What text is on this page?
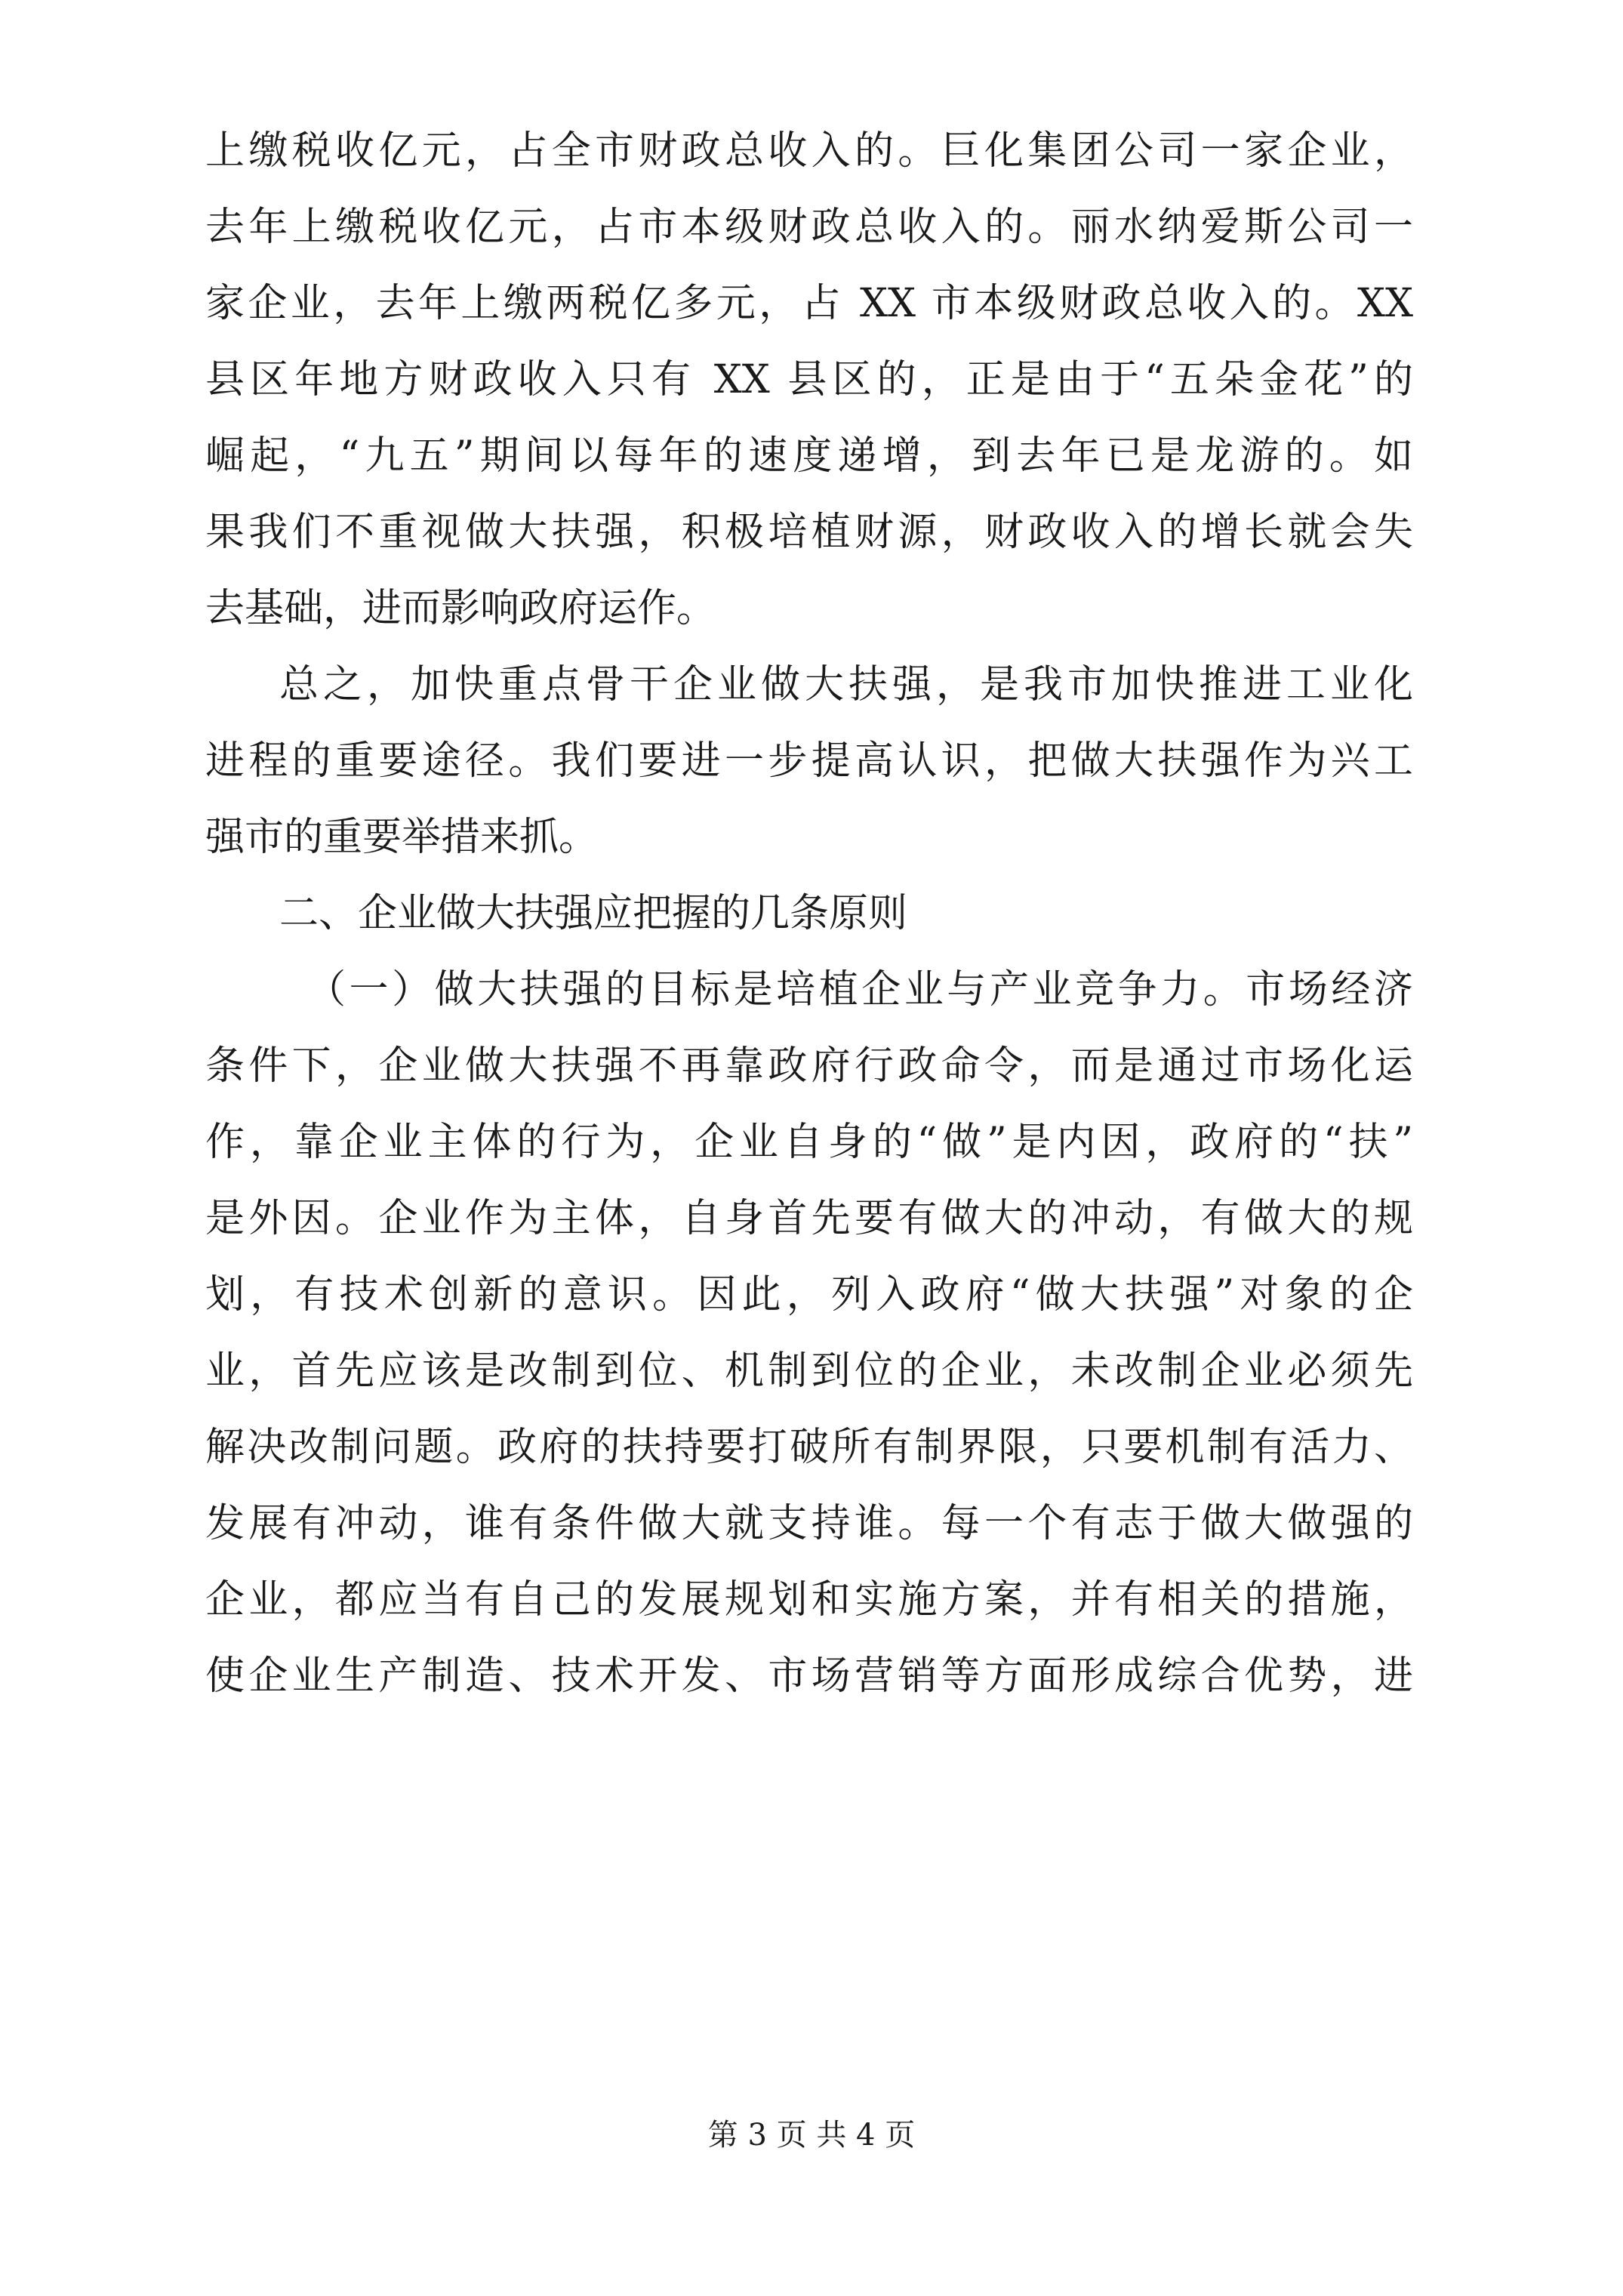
上缴税收亿元，占全市财政总收入的。巨化集团公司一家企业，
去年上缴税收亿元，占市本级财政总收入的。丽水纳爱斯公司一
家企业，去年上缴两税亿多元，占 XX 市本级财政总收入的。XX
县区年地方财政收入只有 XX 县区的，正是由于“五朵金花”的
崛起，“九五”期间以每年的速度递增，到去年已是龙游的。如
果我们不重视做大扶强，积极培植财源，财政收入的增长就会失
去基础，进而影响政府运作。
总之，加快重点骨干企业做大扶强，是我市加快推进工业化
进程的重要途径。我们要进一步提高认识，把做大扶强作为兴工
强市的重要举措来抓。
二、企业做大扶强应把握的几条原则
（一）做大扶强的目标是培植企业与产业竞争力。市场经济
条件下，企业做大扶强不再靠政府行政命令，而是通过市场化运
作，靠企业主体的行为，企业自身的“做”是内因，政府的“扶”
是外因。企业作为主体，自身首先要有做大的冲动，有做大的规
划，有技术创新的意识。因此，列入政府“做大扶强”对象的企
业，首先应该是改制到位、机制到位的企业，未改制企业必须先
解决改制问题。政府的扶持要打破所有制界限，只要机制有活力、
发展有冲动，谁有条件做大就支持谁。每一个有志于做大做强的
企业，都应当有自己的发展规划和实施方案，并有相关的措施，
使企业生产制造、技术开发、市场营销等方面形成综合优势，进
第 3 页 共 4 页
